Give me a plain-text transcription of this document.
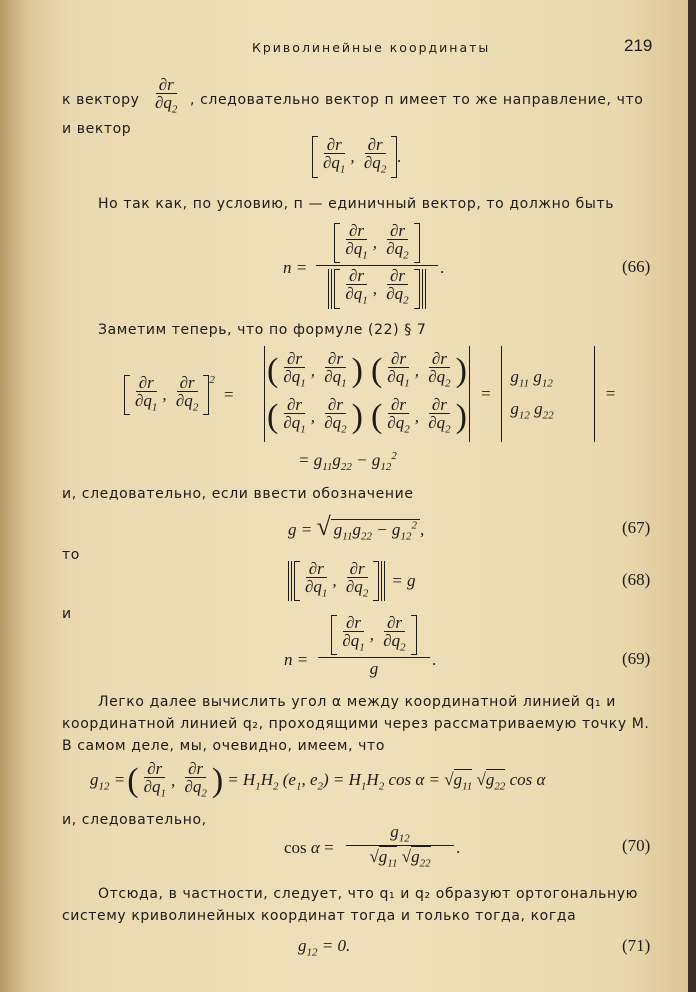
Криволинейные координаты	219
к вектору $\frac{\partial r}{\partial q_2}$ , следовательно вектор п имеет то же направление, что
и вектор
$\frac{\partial r}{\partial q_1}$ , $\frac{\partial r}{\partial q_2}$ .
Но так как, по условию, п — единичный вектор, то должно быть
n =
$\frac{\partial r}{\partial q_1}$ , $\frac{\partial r}{\partial q_2}$
$\frac{\partial r}{\partial q_1}$ , $\frac{\partial r}{\partial q_2}$ .	(66)
Заметим теперь, что по формуле (22) § 7
$\frac{\partial r}{\partial q_1}$ , $\frac{\partial r}{\partial q_2} ^2$
=
( $\frac{\partial r}{\partial q_1}$ , $\frac{\partial r}{\partial q_1}$ ) ( $\frac{\partial r}{\partial q_1}$ , $\frac{\partial r}{\partial q_2}$ )
( $\frac{\partial r}{\partial q_1}$ , $\frac{\partial r}{\partial q_2}$ ) ( $\frac{\partial r}{\partial q_2}$ , $\frac{\partial r}{\partial q_2}$ )
=
$g_{11}$ $g_{12}$
$g_{12}$ $g_{22}$
=
= $g_{11}g_{22} - g_{12}^2$
и, следовательно, если ввести обозначение
g = √ $g_{11}g_{22} - g_{12}^2$ ,	(67)
то
$\frac{\partial r}{\partial q_1}$ , $\frac{\partial r}{\partial q_2} = g$	(68)
и
n =
$\frac{\partial r}{\partial q_1}$ , $\frac{\partial r}{\partial q_2}$
g	.	(69)
Легко далее вычислить угол α между координатной линией q₁ и
координатной линией q₂, проходящими через рассматриваемую точку М.
В самом деле, мы, очевидно, имеем, что
$g_{12}$ = ( $\frac{\partial r}{\partial q_1}$ , $\frac{\partial r}{\partial q_2}$ ) = $H_1H_2$ ($e_1$, $e_2) = H_1H_2$ $\cos \alpha = √g_{11}$ $√g_{22}$ cos α
и, следовательно,
cos α =
$g_{12}$
$√g_{11}$ $√g_{22}$
.	(70)
Отсюда, в частности, следует, что q₁ и q₂ образуют ортогональную
систему криволинейных координат тогда и только тогда, когда
$g_{12} = 0$.	(71)
